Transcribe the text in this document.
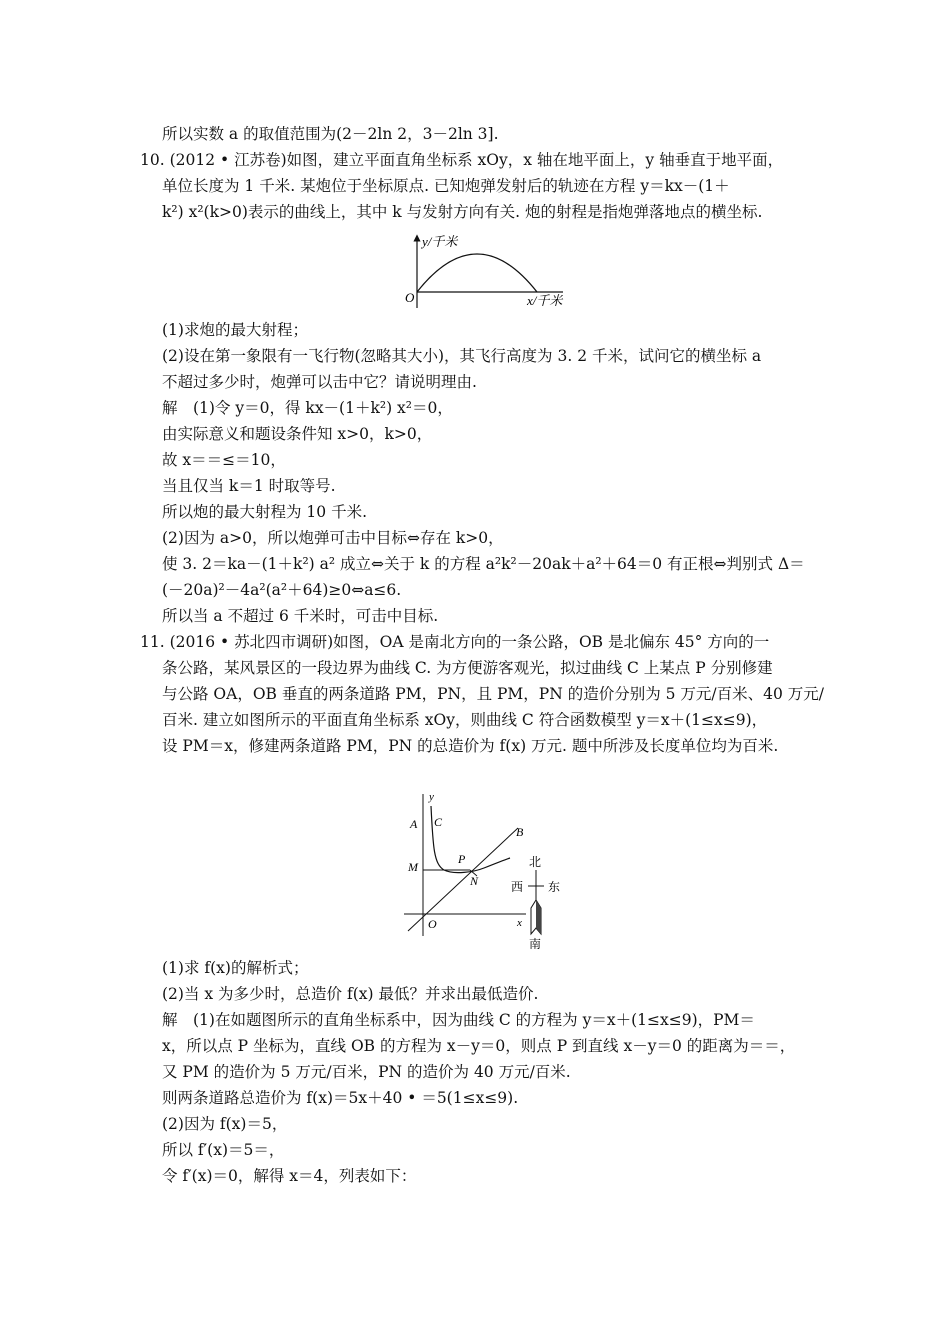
所以实数 a 的取值范围为(2－2ln 2，3－2ln 3].
10. (2012 • 江苏卷)如图，建立平面直角坐标系 xOy，x 轴在地平面上，y 轴垂直于地平面，
单位长度为 1 千米. 某炮位于坐标原点. 已知炮弹发射后的轨迹在方程 y＝kx－(1＋
k²) x²(k>0)表示的曲线上，其中 k 与发射方向有关. 炮的射程是指炮弹落地点的横坐标.
y/千米
x/千米
O
(1)求炮的最大射程；
(2)设在第一象限有一飞行物(忽略其大小)，其飞行高度为 3. 2 千米，试问它的横坐标 a
不超过多少时，炮弹可以击中它？请说明理由.
解　(1)令 y＝0，得 kx－(1＋k²) x²＝0，
由实际意义和题设条件知 x>0，k>0，
故 x＝＝≤＝10，
当且仅当 k＝1 时取等号.
所以炮的最大射程为 10 千米.
(2)因为 a>0，所以炮弹可击中目标⇔存在 k>0，
使 3. 2＝ka－(1＋k²) a² 成立⇔关于 k 的方程 a²k²－20ak＋a²＋64＝0 有正根⇔判别式 Δ＝
(－20a)²－4a²(a²＋64)≥0⇔a≤6.
所以当 a 不超过 6 千米时，可击中目标.
11. (2016 • 苏北四市调研)如图，OA 是南北方向的一条公路，OB 是北偏东 45° 方向的一
条公路，某风景区的一段边界为曲线 C. 为方便游客观光，拟过曲线 C 上某点 P 分别修建
与公路 OA，OB 垂直的两条道路 PM，PN，且 PM，PN 的造价分别为 5 万元/百米、40 万元/
百米. 建立如图所示的平面直角坐标系 xOy，则曲线 C 符合函数模型 y＝x＋(1≤x≤9)，
设 PM＝x，修建两条道路 PM，PN 的总造价为 f(x) 万元. 题中所涉及长度单位均为百米.
y
A C
B
M
P
N
O	x
北
西 东
南
(1)求 f(x)的解析式；
(2)当 x 为多少时，总造价 f(x) 最低？并求出最低造价.
解　(1)在如题图所示的直角坐标系中，因为曲线 C 的方程为 y＝x＋(1≤x≤9)，PM＝
x，所以点 P 坐标为，直线 OB 的方程为 x－y＝0，则点 P 到直线 x－y＝0 的距离为＝＝，
又 PM 的造价为 5 万元/百米，PN 的造价为 40 万元/百米.
则两条道路总造价为 f(x)＝5x＋40 • ＝5(1≤x≤9).
(2)因为 f(x)＝5，
所以 f′(x)＝5＝，
令 f′(x)＝0，解得 x＝4，列表如下：
